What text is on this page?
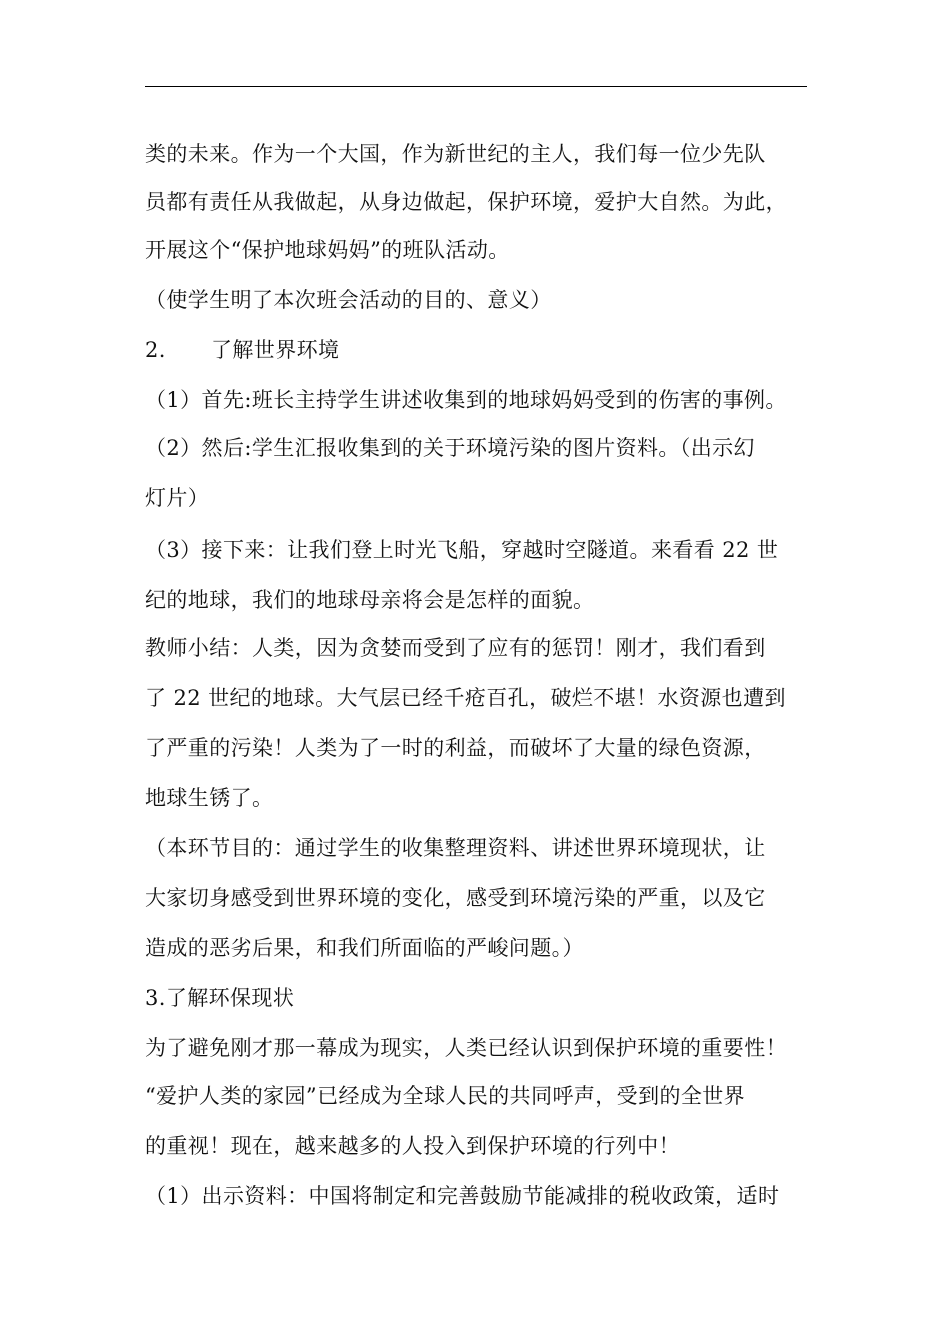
类的未来。作为一个大国，作为新世纪的主人，我们每一位少先队
员都有责任从我做起，从身边做起，保护环境，爱护大自然。为此，
开展这个“保护地球妈妈”的班队活动。
（使学生明了本次班会活动的目的、意义）
2. 了解世界环境
（1）首先:班长主持学生讲述收集到的地球妈妈受到的伤害的事例。
（2）然后:学生汇报收集到的关于环境污染的图片资料。（出示幻
灯片）
（3）接下来：让我们登上时光飞船，穿越时空隧道。来看看 22 世
纪的地球，我们的地球母亲将会是怎样的面貌。
教师小结：人类，因为贪婪而受到了应有的惩罚！刚才，我们看到
了 22 世纪的地球。大气层已经千疮百孔，破烂不堪！水资源也遭到
了严重的污染！人类为了一时的利益，而破坏了大量的绿色资源，
地球生锈了。
（本环节目的：通过学生的收集整理资料、讲述世界环境现状，让
大家切身感受到世界环境的变化，感受到环境污染的严重，以及它
造成的恶劣后果，和我们所面临的严峻问题。）
3.了解环保现状
为了避免刚才那一幕成为现实，人类已经认识到保护环境的重要性！
“爱护人类的家园”已经成为全球人民的共同呼声，受到的全世界
的重视！现在，越来越多的人投入到保护环境的行列中！
（1）出示资料：中国将制定和完善鼓励节能减排的税收政策，适时
